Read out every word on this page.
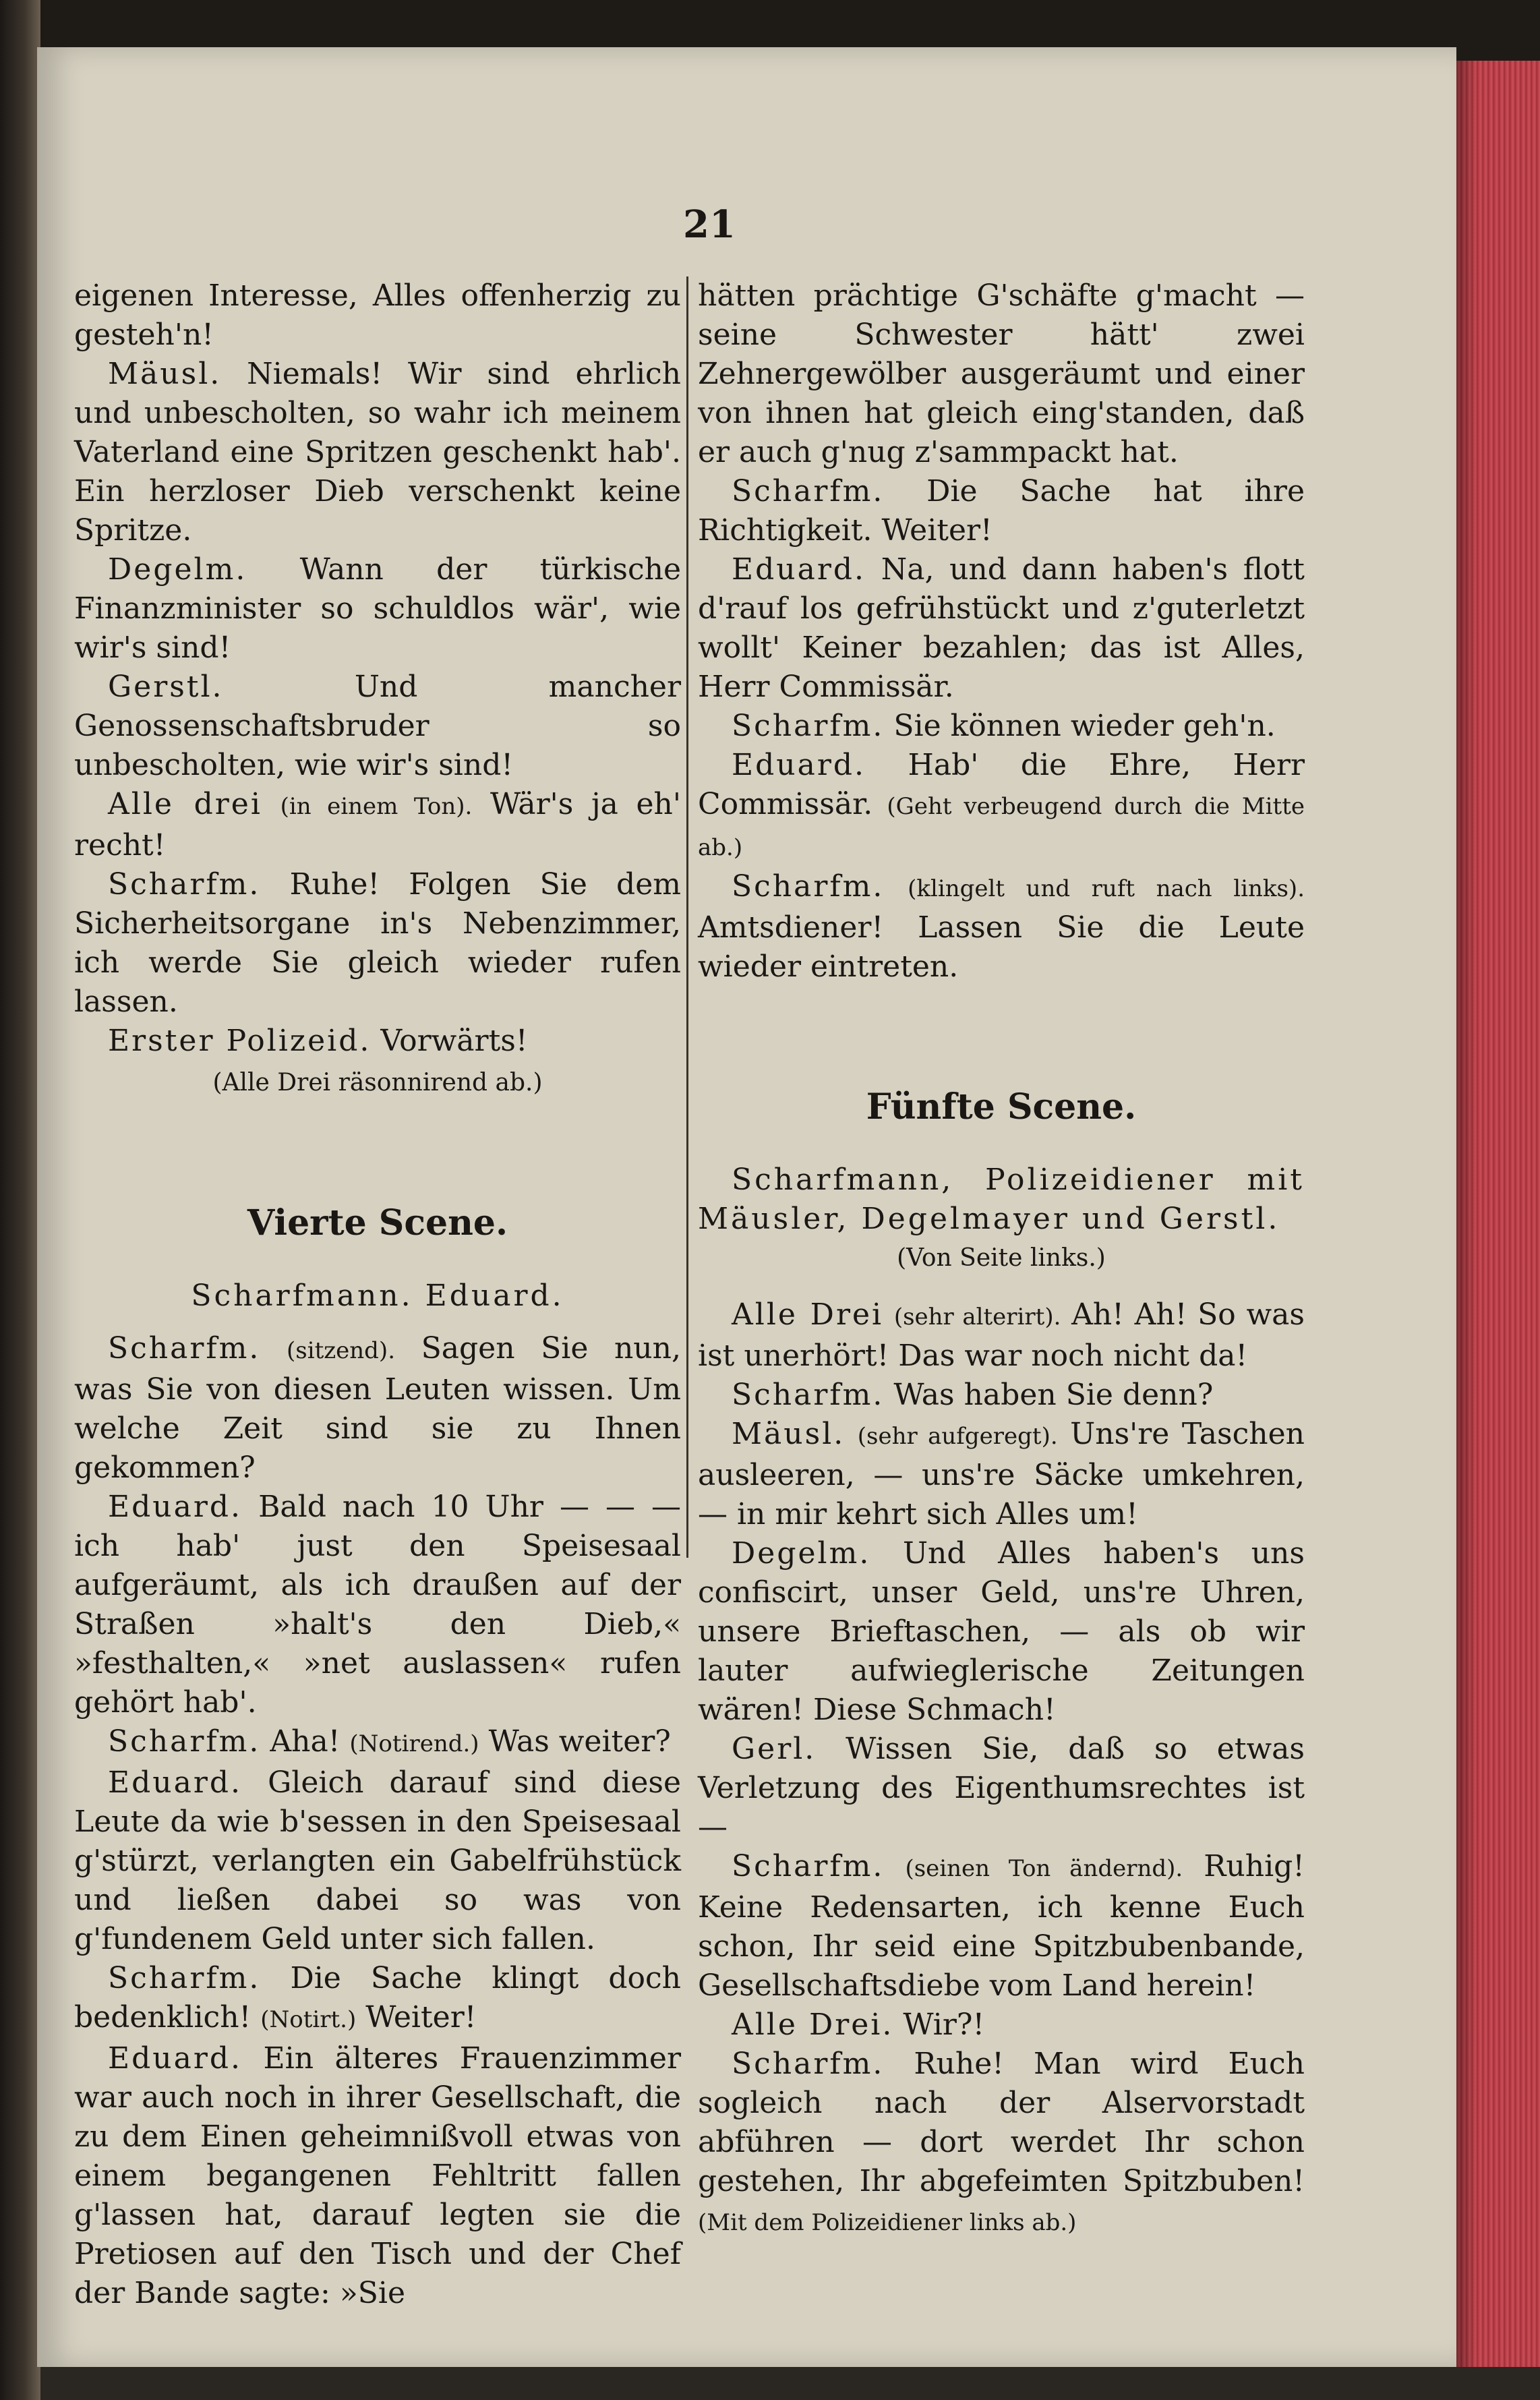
21

eigenen Interesse, Alles offenherzig zu gesteh'n!

Mäusl. Niemals! Wir sind ehrlich und unbescholten, so wahr ich meinem Vaterland eine Spritzen geschenkt hab'. Ein herzloser Dieb verschenkt keine Spritze.

Degelm. Wann der türkische Finanzminister so schuldlos wär', wie wir's sind!

Gerstl.	Und mancher Genossenschaftsbruder so unbescholten, wie wir's sind!

Alle drei (in einem Ton). Wär's ja eh' recht!

Scharfm. Ruhe! Folgen Sie dem Sicherheitsorgane in's Nebenzimmer, ich werde Sie gleich wieder rufen lassen.

Erster Polizeid. Vorwärts!

(Alle Drei räsonnirend ab.)

Vierte Scene.

Scharfmann. Eduard.

Scharfm. (sitzend). Sagen Sie nun, was Sie von diesen Leuten wissen. Um welche Zeit sind sie zu Ihnen gekommen?

Eduard. Bald nach 10 Uhr — — — ich hab' just den Speisesaal aufgeräumt, als ich draußen auf der Straßen »halt's den Dieb,« »festhalten,« »net auslassen« rufen gehört hab'.

Scharfm. Aha! (Notirend.) Was weiter?

Eduard. Gleich darauf sind diese Leute da wie b'sessen in den Speisesaal g'stürzt, verlangten ein Gabelfrühstück und ließen dabei so was von g'fundenem Geld unter sich fallen.

Scharfm. Die Sache klingt doch bedenklich! (Notirt.) Weiter!

Eduard. Ein älteres Frauenzimmer war auch noch in ihrer Gesellschaft, die zu dem Einen geheimnißvoll etwas von einem begangenen Fehltritt fallen g'lassen hat, darauf legten sie die Pretiosen auf den Tisch und der Chef der Bande sagte: »Sie

hätten prächtige G'schäfte g'macht — seine Schwester hätt' zwei Zehnergewölber ausgeräumt und einer von ihnen hat gleich eing'standen, daß er auch g'nug z'sammpackt hat.

Scharfm. Die Sache hat ihre Richtigkeit. Weiter!

Eduard. Na, und dann haben's flott d'rauf los gefrühstückt und z'guterletzt wollt' Keiner bezahlen; das ist Alles, Herr Commissär.

Scharfm. Sie können wieder geh'n.

Eduard. Hab' die Ehre, Herr Commissär. (Geht verbeugend durch die Mitte ab.)

Scharfm. (klingelt und ruft nach links). Amtsdiener! Lassen Sie die Leute wieder eintreten.

Fünfte Scene.

Scharfmann, Polizeidiener mit Mäusler, Degelmayer und Gerstl.

(Von Seite links.)

Alle Drei (sehr alterirt). Ah! Ah! So was ist unerhört! Das war noch nicht da!

Scharfm. Was haben Sie denn?

Mäusl. (sehr aufgeregt). Uns're Taschen ausleeren, — uns're Säcke umkehren, — in mir kehrt sich Alles um!

Degelm. Und Alles haben's uns confiscirt, unser Geld, uns're Uhren, unsere Brieftaschen, — als ob wir lauter aufwieglerische Zeitungen wären! Diese Schmach!

Gerl. Wissen Sie, daß so etwas Verletzung des Eigenthumsrechtes ist —

Scharfm. (seinen Ton ändernd). Ruhig! Keine Redensarten, ich kenne Euch schon, Ihr seid eine Spitzbubenbande, Gesellschaftsdiebe vom Land herein!

Alle Drei. Wir?!

Scharfm. Ruhe! Man wird Euch sogleich nach der Alservorstadt abführen — dort werdet Ihr schon gestehen, Ihr abgefeimten Spitzbuben! (Mit dem Polizeidiener links ab.)
